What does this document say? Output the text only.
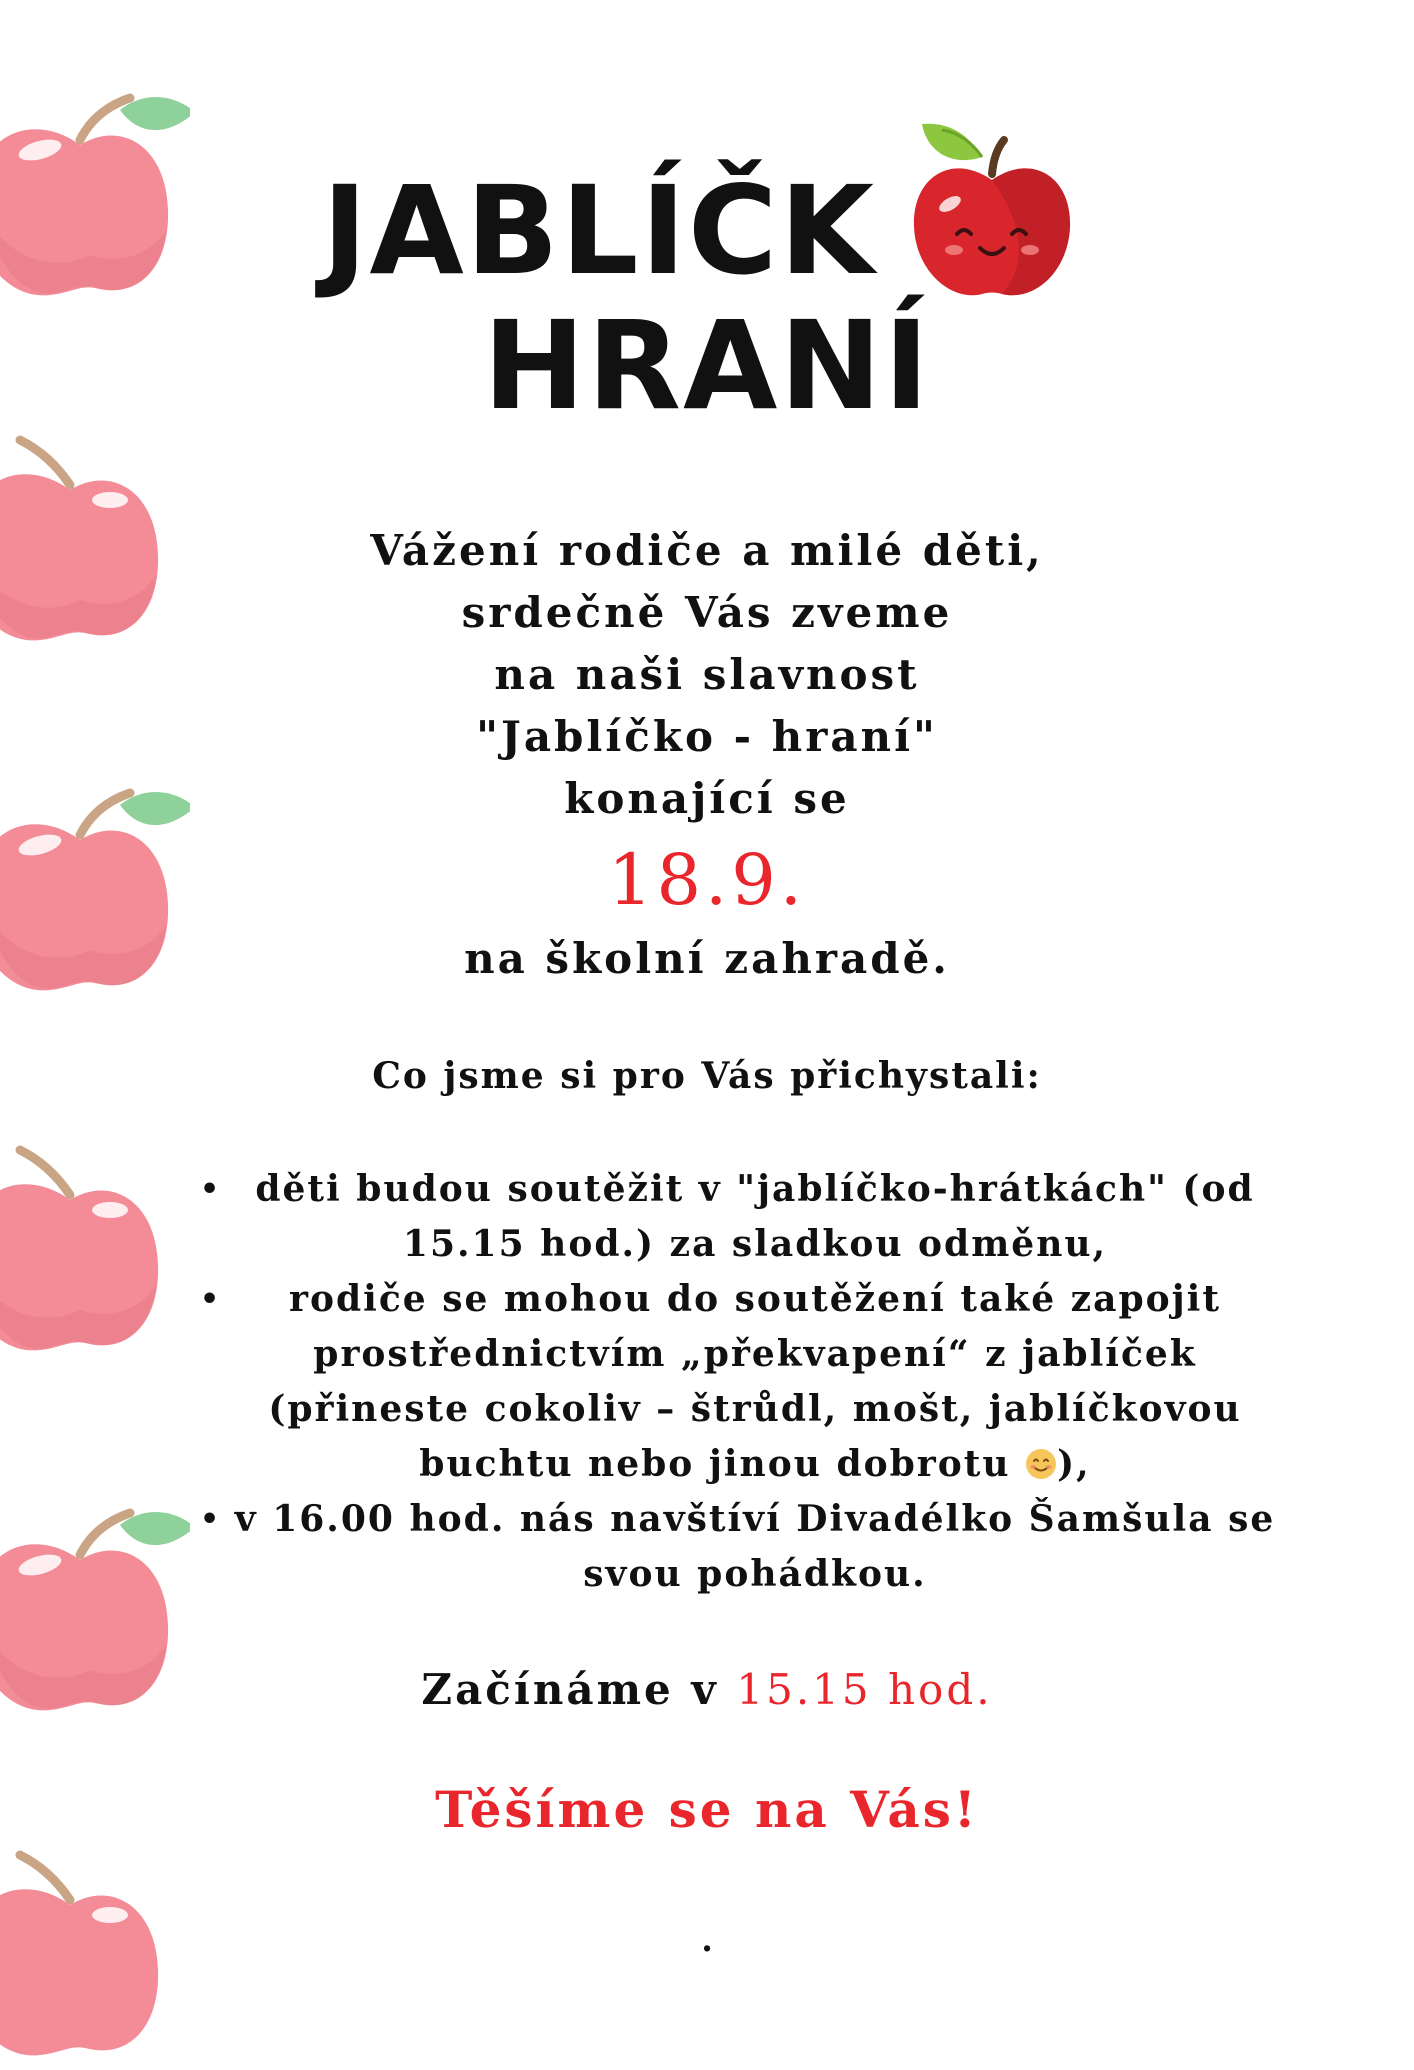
JABLÍČK
HRANÍ
Vážení rodiče a milé děti,
srdečně Vás zveme
na naši slavnost
"Jablíčko - hraní"
konající se
18.9.
na školní zahradě.
Co jsme si pro Vás přichystali:
• děti budou soutěžit v "jablíčko-hrátkách" (od 15.15 hod.) za sladkou odměnu,
• rodiče se mohou do soutěžení také zapojit prostřednictvím „překvapení“ z jablíček (přineste cokoliv – štrůdl, mošt, jablíčkovou buchtu nebo jinou dobrotu ),
• v 16.00 hod. nás navštíví Divadélko Šamšula se svou pohádkou.
Začínáme v 15.15 hod.
Těšíme se na Vás!
.
